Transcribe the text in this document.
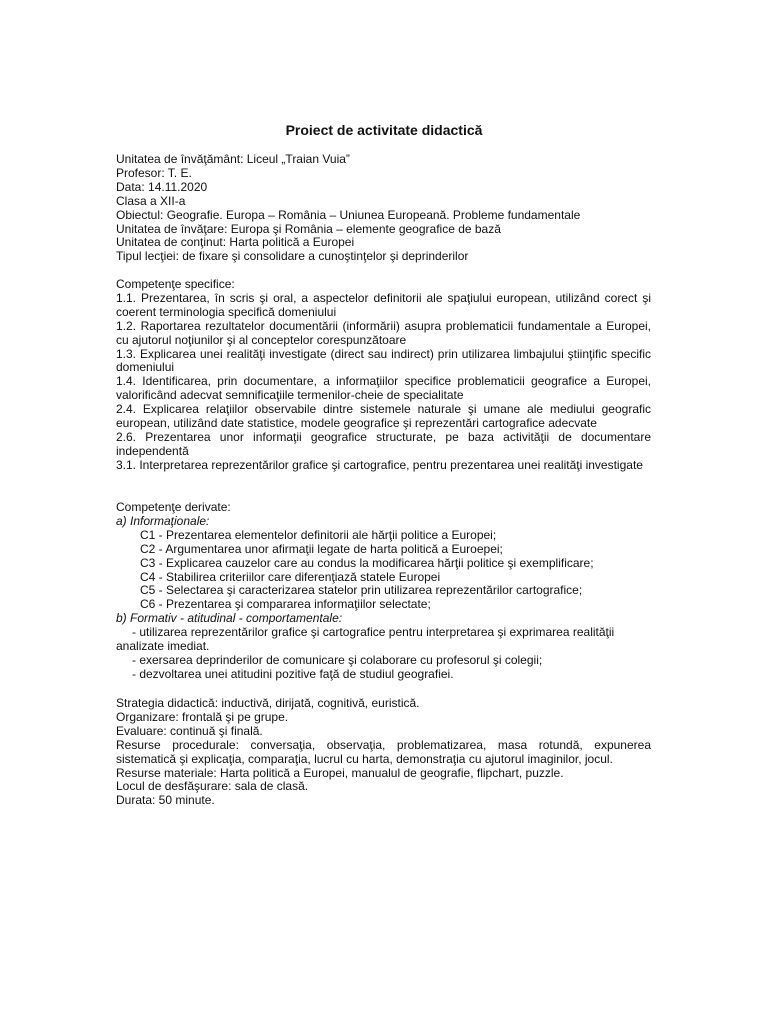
Proiect de activitate didactică
Unitatea de învăţământ: Liceul „Traian Vuia”
Profesor: T. E.
Data: 14.11.2020
Clasa a XII-a
Obiectul: Geografie. Europa – România – Uniunea Europeană. Probleme fundamentale
Unitatea de învăţare: Europa şi România – elemente geografice de bază
Unitatea de conţinut: Harta politică a Europei
Tipul lecţiei: de fixare şi consolidare a cunoştinţelor şi deprinderilor
Competenţe specifice:
1.1. Prezentarea, în scris şi oral, a aspectelor definitorii ale spaţiului european, utilizând corect şi coerent terminologia specifică domeniului
1.2. Raportarea rezultatelor documentării (informării) asupra problematicii fundamentale a Europei, cu ajutorul noţiunilor şi al conceptelor corespunzătoare
1.3. Explicarea unei realităţi investigate (direct sau indirect) prin utilizarea limbajului ştiinţific specific domeniului
1.4. Identificarea, prin documentare, a informaţiilor specifice problematicii geografice a Europei, valorificând adecvat semnificaţiile termenilor-cheie de specialitate
2.4. Explicarea relaţiilor observabile dintre sistemele naturale şi umane ale mediului geografic european, utilizând date statistice, modele geografice şi reprezentări cartografice adecvate
2.6. Prezentarea unor informaţii geografice structurate, pe baza activităţii de documentare independentă
3.1. Interpretarea reprezentărilor grafice şi cartografice, pentru prezentarea unei realităţi investigate
Competenţe derivate:
a) Informaţionale:
C1 - Prezentarea elementelor definitorii ale hărţii politice a Europei;
C2 - Argumentarea unor afirmaţii legate de harta politică a Euroepei;
C3 - Explicarea cauzelor care au condus la modificarea hărţii politice şi exemplificare;
C4 - Stabilirea criteriilor care diferenţiază statele Europei
C5 - Selectarea şi caracterizarea statelor prin utilizarea reprezentărilor cartografice;
C6 - Prezentarea şi compararea informaţiilor selectate;
b) Formativ - atitudinal - comportamentale:
- utilizarea reprezentărilor grafice şi cartografice pentru interpretarea şi exprimarea realităţii analizate imediat.
- exersarea deprinderilor de comunicare şi colaborare cu profesorul şi colegii;
- dezvoltarea unei atitudini pozitive faţă de studiul geografiei.
Strategia didactică: inductivă, dirijată, cognitivă, euristică.
Organizare: frontală şi pe grupe.
Evaluare: continuă şi finală.
Resurse procedurale: conversaţia, observaţia, problematizarea, masa rotundă, expunerea sistematică şi explicaţia, comparaţia, lucrul cu harta, demonstraţia cu ajutorul imaginilor, jocul.
Resurse materiale: Harta politică a Europei, manualul de geografie, flipchart, puzzle.
Locul de desfăşurare: sala de clasă.
Durata: 50 minute.
